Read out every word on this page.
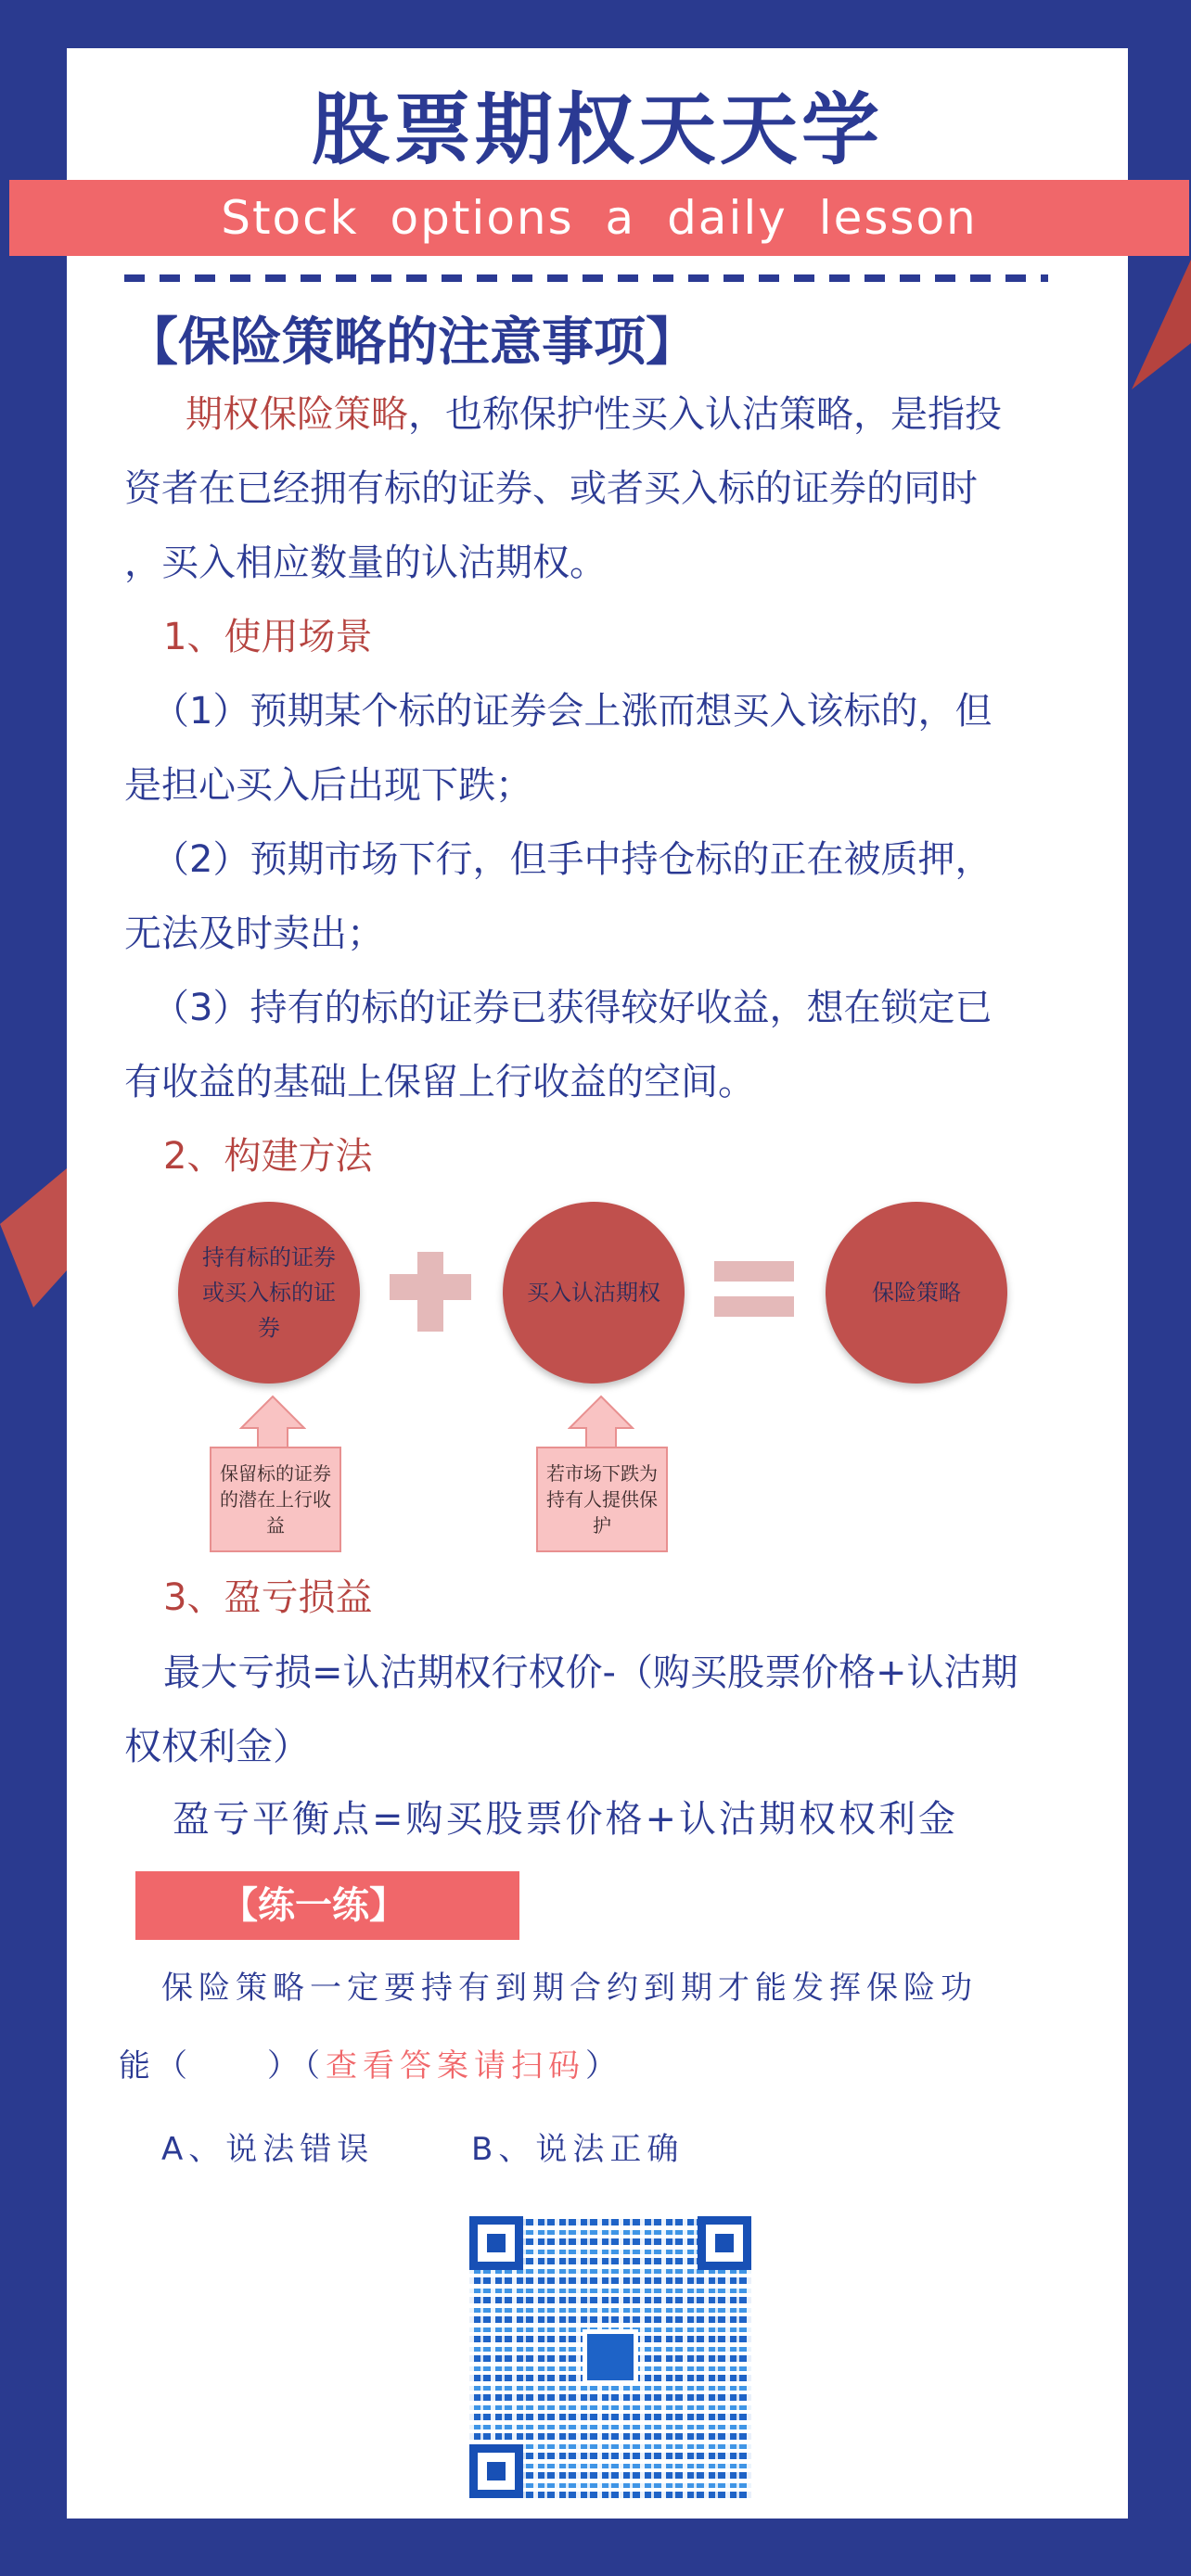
股票期权天天学
Stock options a daily lesson
【保险策略的注意事项】
期权保险策略，也称保护性买入认沽策略，是指投
资者在已经拥有标的证券、或者买入标的证券的同时
，买入相应数量的认沽期权。
1、使用场景
（1）预期某个标的证券会上涨而想买入该标的，但
是担心买入后出现下跌；
（2）预期市场下行，但手中持仓标的正在被质押，
无法及时卖出；
（3）持有的标的证券已获得较好收益，想在锁定已
有收益的基础上保留上行收益的空间。
2、构建方法
持有标的证券或买入标的证券
买入认沽期权	保险策略
保留标的证券的潜在上行收益
若市场下跌为持有人提供保护
3、盈亏损益
最大亏损=认沽期权行权价-（购买股票价格+认沽期
权权利金）
盈亏平衡点=购买股票价格+认沽期权权利金
【练一练】
保险策略一定要持有到期合约到期才能发挥保险功
能（　　）（查看答案请扫码）
A、说法错误	B、说法正确
